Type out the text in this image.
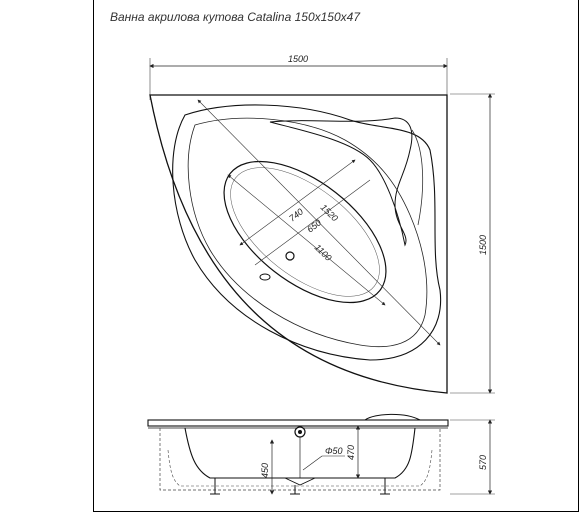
Ванна акрилова кутова Catalina 150x150x47
1500
1500
740 1520
650
1100
470
570
450
Φ50
